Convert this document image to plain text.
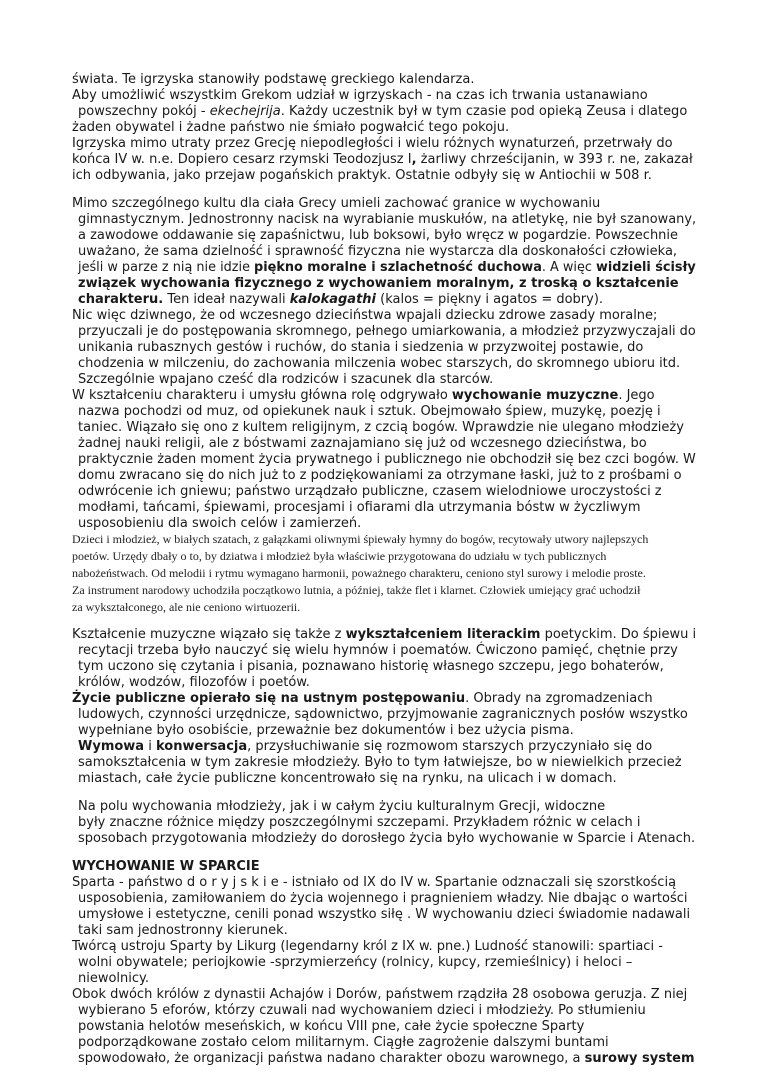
świata. Te igrzyska stanowiły podstawę greckiego kalendarza.
Aby umożliwić wszystkim Grekom udział w igrzyskach - na czas ich trwania ustanawiano
powszechny pokój - ekechejrija. Każdy uczestnik był w tym czasie pod opieką Zeusa i dlatego
żaden obywatel i żadne państwo nie śmiało pogwałcić tego pokoju.
Igrzyska mimo utraty przez Grecję niepodległości i wielu różnych wynaturzeń, przetrwały do
końca IV w. n.e. Dopiero cesarz rzymski Teodozjusz I, żarliwy chrześcijanin, w 393 r. ne, zakazał
ich odbywania, jako przejaw pogańskich praktyk. Ostatnie odbyły się w Antiochii w 508 r.
Mimo szczególnego kultu dla ciała Grecy umieli zachować granice w wychowaniu
gimnastycznym. Jednostronny nacisk na wyrabianie muskułów, na atletykę, nie był szanowany,
a zawodowe oddawanie się zapaśnictwu, lub boksowi, było wręcz w pogardzie. Powszechnie
uważano, że sama dzielność i sprawność fizyczna nie wystarcza dla doskonałości człowieka,
jeśli w parze z nią nie idzie piękno moralne i szlachetność duchowa. A więc widzieli ścisły
związek wychowania fizycznego z wychowaniem moralnym, z troską o kształcenie
charakteru. Ten ideał nazywali kalokagathi (kalos = piękny i agatos = dobry).
Nic więc dziwnego, że od wczesnego dzieciństwa wpajali dziecku zdrowe zasady moralne;
przyuczali je do postępowania skromnego, pełnego umiarkowania, a młodzież przyzwyczajali do
unikania rubasznych gestów i ruchów, do stania i siedzenia w przyzwoitej postawie, do
chodzenia w milczeniu, do zachowania milczenia wobec starszych, do skromnego ubioru itd.
Szczególnie wpajano cześć dla rodziców i szacunek dla starców.
W kształceniu charakteru i umysłu główna rolę odgrywało wychowanie muzyczne. Jego
nazwa pochodzi od muz, od opiekunek nauk i sztuk. Obejmowało śpiew, muzykę, poezję i
taniec. Wiązało się ono z kultem religijnym, z czcią bogów. Wprawdzie nie ulegano młodzieży
żadnej nauki religii, ale z bóstwami zaznajamiano się już od wczesnego dzieciństwa, bo
praktycznie żaden moment życia prywatnego i publicznego nie obchodził się bez czci bogów. W
domu zwracano się do nich już to z podziękowaniami za otrzymane łaski, już to z prośbami o
odwrócenie ich gniewu; państwo urządzało publiczne, czasem wielodniowe uroczystości z
modłami, tańcami, śpiewami, procesjami i ofiarami dla utrzymania bóstw w życzliwym
usposobieniu dla swoich celów i zamierzeń.
Dzieci i młodzież, w białych szatach, z gałązkami oliwnymi śpiewały hymny do bogów, recytowały utwory najlepszych
poetów. Urzędy dbały o to, by dziatwa i młodzież była właściwie przygotowana do udziału w tych publicznych
nabożeństwach. Od melodii i rytmu wymagano harmonii, poważnego charakteru, ceniono styl surowy i melodie proste.
Za instrument narodowy uchodziła początkowo lutnia, a później, także flet i klarnet. Człowiek umiejący grać uchodził
za wykształconego, ale nie ceniono wirtuozerii.
Kształcenie muzyczne wiązało się także z wykształceniem literackim poetyckim. Do śpiewu i
recytacji trzeba było nauczyć się wielu hymnów i poematów. Ćwiczono pamięć, chętnie przy
tym uczono się czytania i pisania, poznawano historię własnego szczepu, jego bohaterów,
królów, wodzów, filozofów i poetów.
Życie publiczne opierało się na ustnym postępowaniu. Obrady na zgromadzeniach
ludowych, czynności urzędnicze, sądownictwo, przyjmowanie zagranicznych posłów wszystko
wypełniane było osobiście, przeważnie bez dokumentów i bez użycia pisma.
Wymowa i konwersacja, przysłuchiwanie się rozmowom starszych przyczyniało się do
samokształcenia w tym zakresie młodzieży. Było to tym łatwiejsze, bo w niewielkich przecież
miastach, całe życie publiczne koncentrowało się na rynku, na ulicach i w domach.
Na polu wychowania młodzieży, jak i w całym życiu kulturalnym Grecji, widoczne
były znaczne różnice między poszczególnymi szczepami. Przykładem różnic w celach i
sposobach przygotowania młodzieży do dorosłego życia było wychowanie w Sparcie i Atenach.
WYCHOWANIE W SPARCIE
Sparta - państwo d o r y j s k i e - istniało od IX do IV w. Spartanie odznaczali się szorstkością
usposobienia, zamiłowaniem do życia wojennego i pragnieniem władzy. Nie dbając o wartości
umysłowe i estetyczne, cenili ponad wszystko siłę . W wychowaniu dzieci świadomie nadawali
taki sam jednostronny kierunek.
Twórcą ustroju Sparty by Likurg (legendarny król z IX w. pne.) Ludność stanowili: spartiaci -
wolni obywatele; periojkowie -sprzymierzeńcy (rolnicy, kupcy, rzemieślnicy) i heloci –
niewolnicy.
Obok dwóch królów z dynastii Achajów i Dorów, państwem rządziła 28 osobowa geruzja. Z niej
wybierano 5 eforów, którzy czuwali nad wychowaniem dzieci i młodzieży. Po stłumieniu
powstania helotów meseńskich, w końcu VIII pne, całe życie społeczne Sparty
podporządkowane zostało celom militarnym. Ciągłe zagrożenie dalszymi buntami
spowodowało, że organizacji państwa nadano charakter obozu warownego, a surowy system
